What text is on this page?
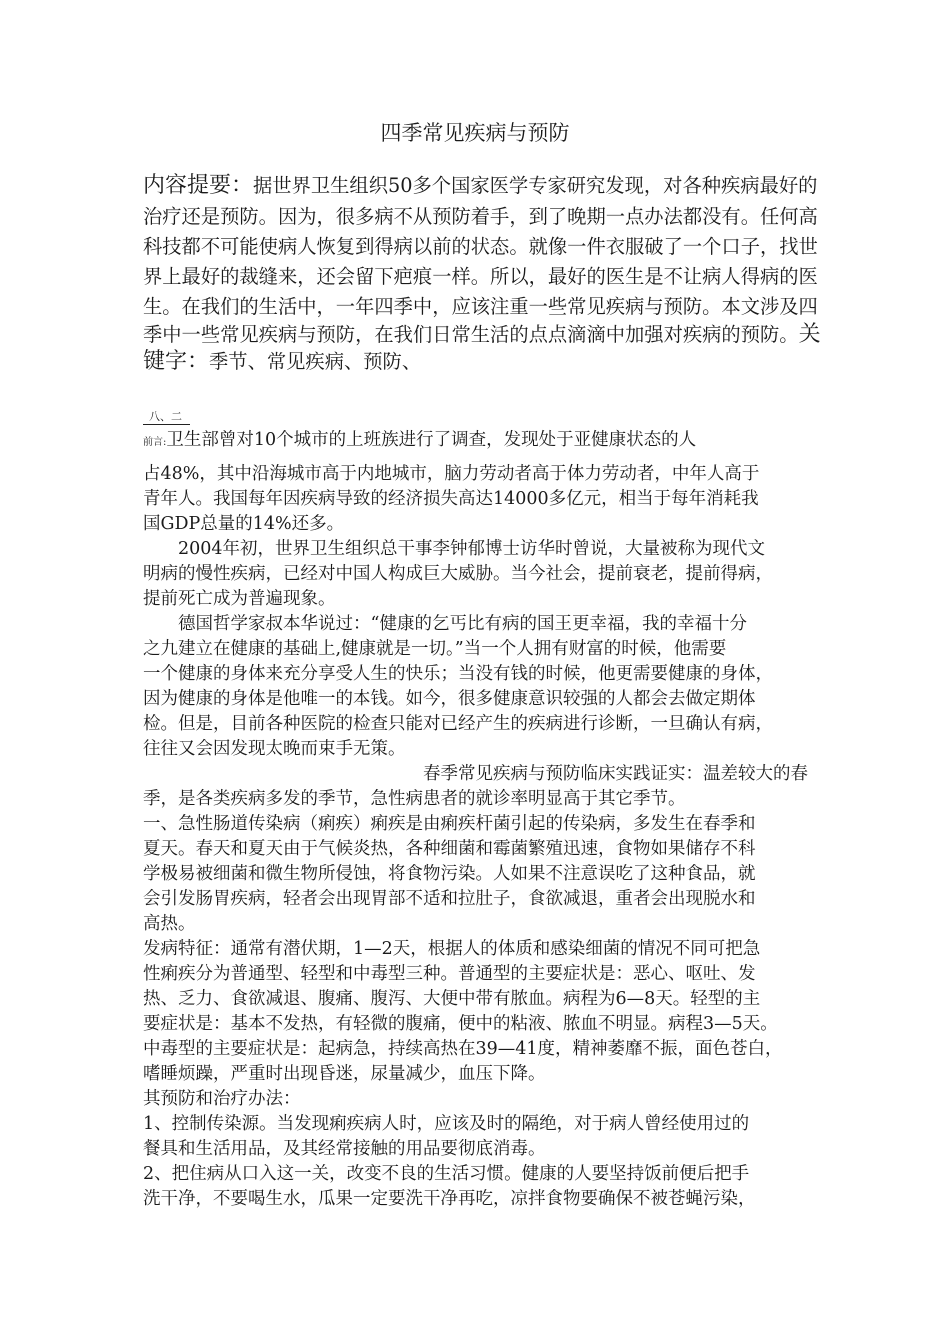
四季常见疾病与预防
内容提要：据世界卫生组织50多个国家医学专家研究发现，对各种疾病最好的
治疗还是预防。因为，很多病不从预防着手，到了晚期一点办法都没有。任何高
科技都不可能使病人恢复到得病以前的状态。就像一件衣服破了一个口子，找世
界上最好的裁缝来，还会留下疤痕一样。所以，最好的医生是不让病人得病的医
生。在我们的生活中，一年四季中，应该注重一些常见疾病与预防。本文涉及四
季中一些常见疾病与预防，在我们日常生活的点点滴滴中加强对疾病的预防。关
键字：季节、常见疾病、预防、
八、二
前言:卫生部曾对10个城市的上班族进行了调查，发现处于亚健康状态的人
占48%，其中沿海城市高于内地城市，脑力劳动者高于体力劳动者，中年人高于
青年人。我国每年因疾病导致的经济损失高达14000多亿元，相当于每年消耗我
国GDP总量的14%还多。
　　2004年初，世界卫生组织总干事李钟郁博士访华时曾说，大量被称为现代文
明病的慢性疾病，已经对中国人构成巨大威胁。当今社会，提前衰老，提前得病，
提前死亡成为普遍现象。
　　德国哲学家叔本华说过：“健康的乞丐比有病的国王更幸福，我的幸福十分
之九建立在健康的基础上,健康就是一切。”当一个人拥有财富的时候，他需要
一个健康的身体来充分享受人生的快乐；当没有钱的时候，他更需要健康的身体，
因为健康的身体是他唯一的本钱。如今，很多健康意识较强的人都会去做定期体
检。但是，目前各种医院的检查只能对已经产生的疾病进行诊断，一旦确认有病，
往往又会因发现太晚而束手无策。
　　　　　　　　　　　　　　　　春季常见疾病与预防临床实践证实：温差较大的春
季，是各类疾病多发的季节，急性病患者的就诊率明显高于其它季节。
一、急性肠道传染病（痢疾）痢疾是由痢疾杆菌引起的传染病，多发生在春季和
夏天。春天和夏天由于气候炎热，各种细菌和霉菌繁殖迅速，食物如果储存不科
学极易被细菌和微生物所侵蚀，将食物污染。人如果不注意误吃了这种食品，就
会引发肠胃疾病，轻者会出现胃部不适和拉肚子，食欲减退，重者会出现脱水和
高热。
发病特征：通常有潜伏期，1—2天，根据人的体质和感染细菌的情况不同可把急
性痢疾分为普通型、轻型和中毒型三种。普通型的主要症状是：恶心、呕吐、发
热、乏力、食欲减退、腹痛、腹泻、大便中带有脓血。病程为6—8天。轻型的主
要症状是：基本不发热，有轻微的腹痛，便中的粘液、脓血不明显。病程3—5天。
中毒型的主要症状是：起病急，持续高热在39—41度，精神萎靡不振，面色苍白，
嗜睡烦躁，严重时出现昏迷，尿量减少，血压下降。
其预防和治疗办法：
1、控制传染源。当发现痢疾病人时，应该及时的隔绝，对于病人曾经使用过的
餐具和生活用品，及其经常接触的用品要彻底消毒。
2、把住病从口入这一关，改变不良的生活习惯。健康的人要坚持饭前便后把手
洗干净，不要喝生水，瓜果一定要洗干净再吃，凉拌食物要确保不被苍蝇污染，
